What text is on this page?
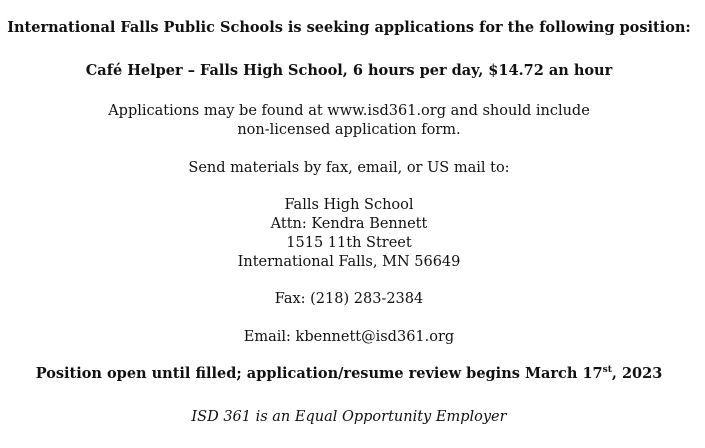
International Falls Public Schools is seeking applications for the following position:
Café Helper – Falls High School, 6 hours per day, $14.72 an hour
Applications may be found at www.isd361.org and should include
non-licensed application form.
Send materials by fax, email, or US mail to:
Falls High School
Attn: Kendra Bennett
1515 11th Street
International Falls, MN 56649
Fax: (218) 283-2384
Email: kbennett@isd361.org
Position open until filled; application/resume review begins March 17st, 2023
ISD 361 is an Equal Opportunity Employer
